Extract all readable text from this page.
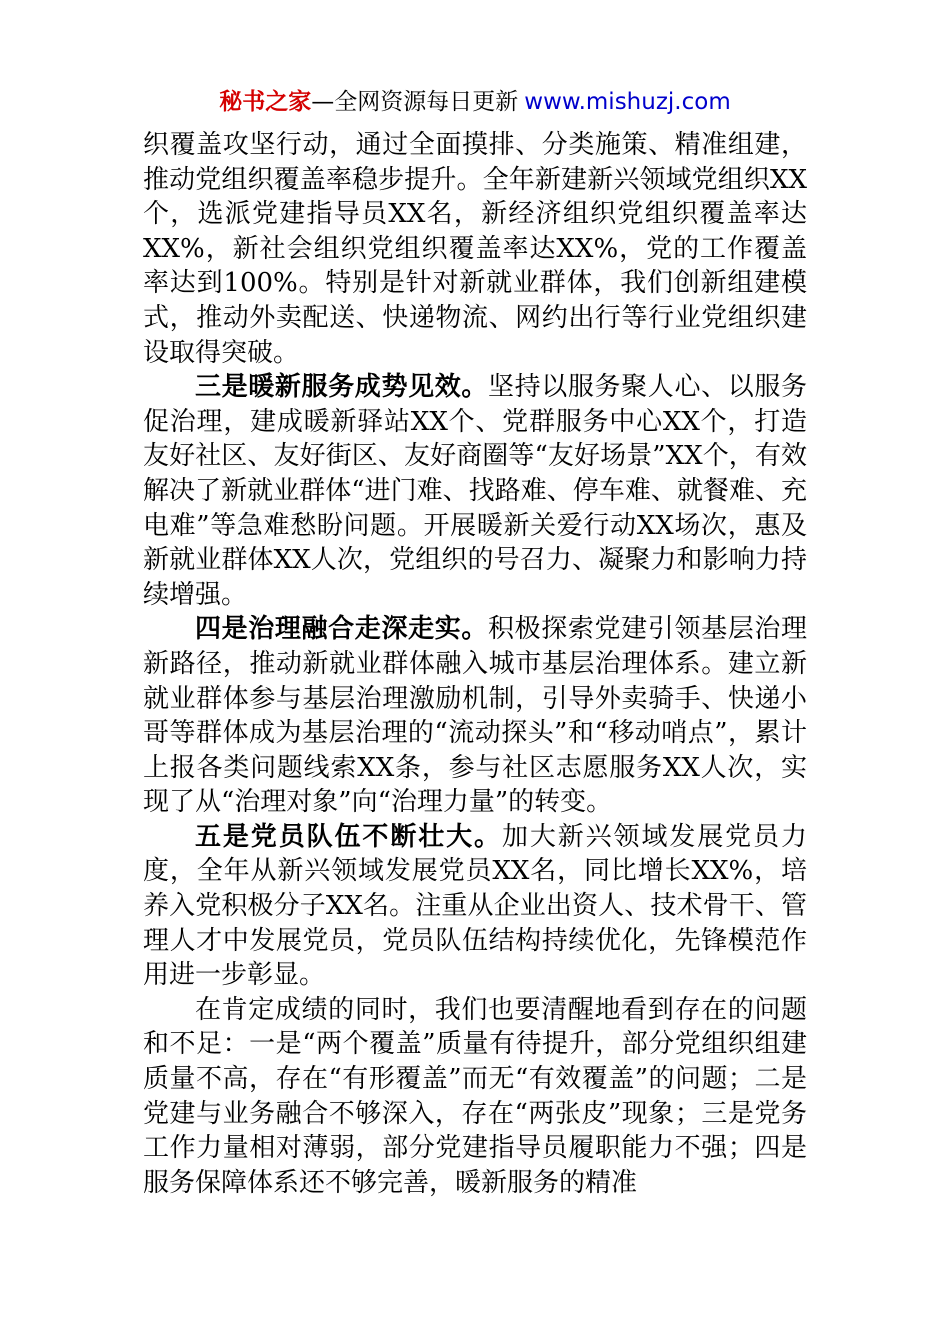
秘书之家—全网资源每日更新 www.mishuzj.com

织覆盖攻坚行动，通过全面摸排、分类施策、精准组建，推动党组织覆盖率稳步提升。全年新建新兴领域党组织XX个，选派党建指导员XX名，新经济组织党组织覆盖率达XX%，新社会组织党组织覆盖率达XX%，党的工作覆盖率达到100%。特别是针对新就业群体，我们创新组建模式，推动外卖配送、快递物流、网约出行等行业党组织建设取得突破。

三是暖新服务成势见效。坚持以服务聚人心、以服务促治理，建成暖新驿站XX个、党群服务中心XX个，打造友好社区、友好街区、友好商圈等“友好场景”XX个，有效解决了新就业群体“进门难、找路难、停车难、就餐难、充电难”等急难愁盼问题。开展暖新关爱行动XX场次，惠及新就业群体XX人次，党组织的号召力、凝聚力和影响力持续增强。

四是治理融合走深走实。积极探索党建引领基层治理新路径，推动新就业群体融入城市基层治理体系。建立新就业群体参与基层治理激励机制，引导外卖骑手、快递小哥等群体成为基层治理的“流动探头”和“移动哨点”，累计上报各类问题线索XX条，参与社区志愿服务XX人次，实现了从“治理对象”向“治理力量”的转变。

五是党员队伍不断壮大。加大新兴领域发展党员力度，全年从新兴领域发展党员XX名，同比增长XX%，培养入党积极分子XX名。注重从企业出资人、技术骨干、管理人才中发展党员，党员队伍结构持续优化，先锋模范作用进一步彰显。

在肯定成绩的同时，我们也要清醒地看到存在的问题和不足：一是“两个覆盖”质量有待提升，部分党组织组建质量不高，存在“有形覆盖”而无“有效覆盖”的问题；二是党建与业务融合不够深入，存在“两张皮”现象；三是党务工作力量相对薄弱，部分党建指导员履职能力不强；四是服务保障体系还不够完善，暖新服务的精准
